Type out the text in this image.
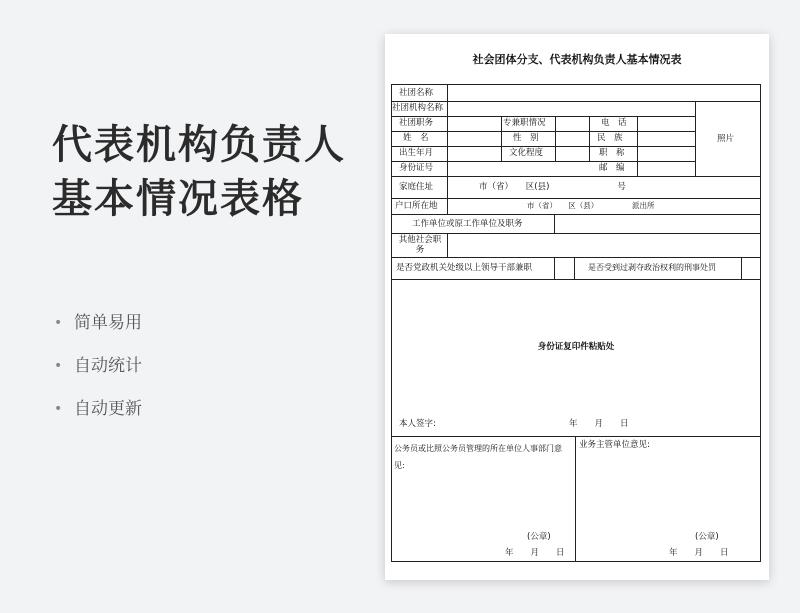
代表机构负责人
基本情况表格
• 简单易用
• 自动统计
• 自动更新
社会团体分支、代表机构负责人基本情况表
社团名称
社团机构名称
社团职务	专兼职情况	电　话
姓　名	性　别	民　族
出生年月	文化程度	职　称
身份证号	邮　编
照片
家庭住址	市（省）　　区(县)　　　　　　　　号
户口所在地	市（省）　　区（县）　　　　　派出所
工作单位或原工作单位及职务
其他社会职务
是否党政机关处级以上领导干部兼职	是否受到过剥夺政治权利的刑事处罚
身份证复印件粘贴处
本人签字:	年　　月　　日
公务员或比照公务员管理的所在单位人事部门意见:
业务主管单位意见:
(公章)
年　　月　　日
(公章)
年　　月　　日
